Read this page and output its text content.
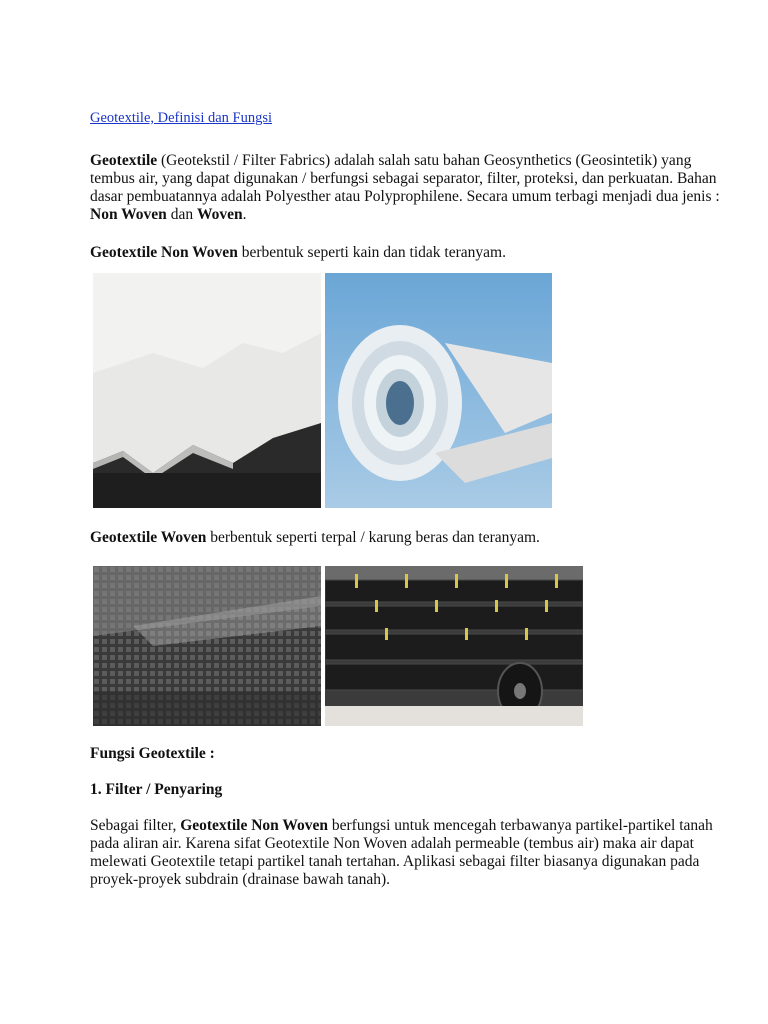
Geotextile, Definisi dan Fungsi

Geotextile (Geotekstil / Filter Fabrics) adalah salah satu bahan Geosynthetics (Geosintetik) yang tembus air, yang dapat digunakan / berfungsi sebagai separator, filter, proteksi, dan perkuatan. Bahan dasar pembuatannya adalah Polyesther atau Polyprophilene. Secara umum terbagi menjadi dua jenis : Non Woven dan Woven.

Geotextile Non Woven berbentuk seperti kain dan tidak teranyam.

Geotextile Woven berbentuk seperti terpal / karung beras dan teranyam.

Fungsi Geotextile :

1. Filter / Penyaring

Sebagai filter, Geotextile Non Woven berfungsi untuk mencegah terbawanya partikel-partikel tanah pada aliran air. Karena sifat Geotextile Non Woven adalah permeable (tembus air) maka air dapat melewati Geotextile tetapi partikel tanah tertahan. Aplikasi sebagai filter biasanya digunakan pada proyek-proyek subdrain (drainase bawah tanah).
